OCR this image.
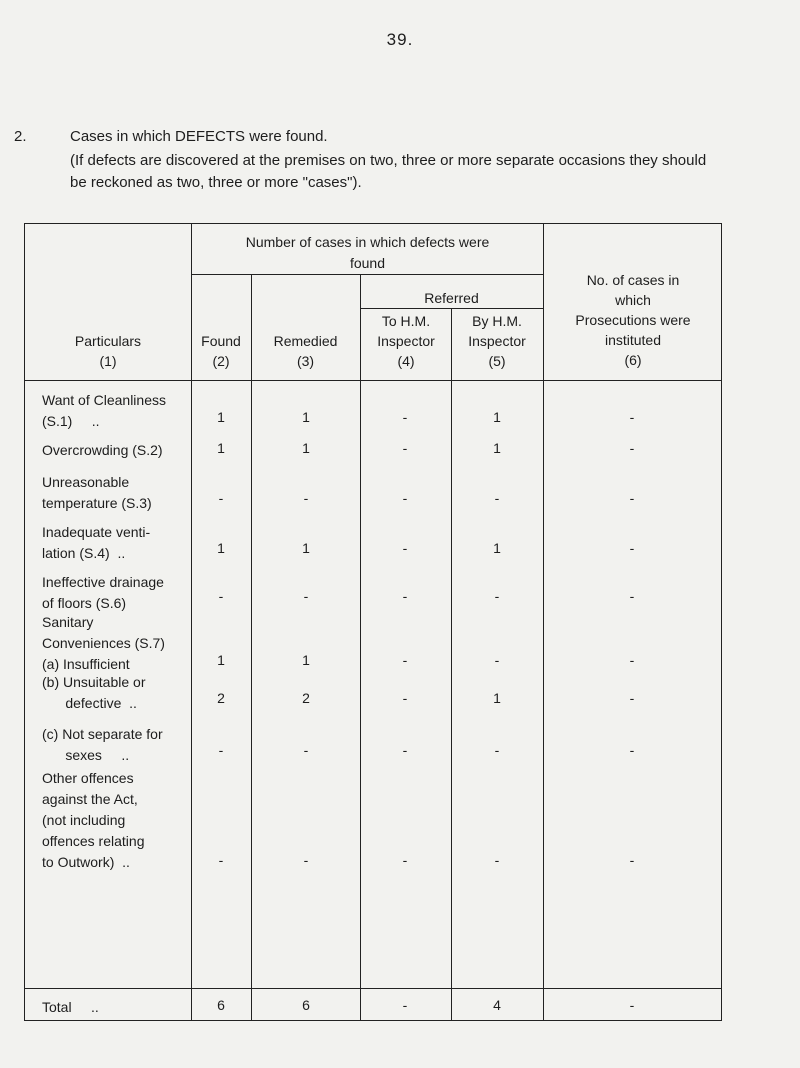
39.
2.	Cases in which DEFECTS were found.
(If defects are discovered at the premises on two, three or more separate occasions they should be reckoned as two, three or more "cases").
Number of cases in which defects were found
Referred
Particulars
(1)
Found
(2)
Remedied
(3)
To H.M. Inspector
(4)
By H.M. Inspector
(5)
No. of cases in which Prosecutions were instituted
(6)
Want of Cleanliness
(S.1)     ..	1	1	-	1	-
Overcrowding (S.2)	1	1	-	1	-
Unreasonable
temperature (S.3)	-	-	-	-	-
Inadequate venti-
lation (S.4)  ..	1	1	-	1	-
Ineffective drainage
of floors (S.6)	-	-	-	-	-
Sanitary
Conveniences (S.7)
(a) Insufficient	1	1	-	-	-
(b) Unsuitable or
defective  ..	2	2	-	1	-
(c) Not separate for
sexes     ..	-	-	-	-	-
Other offences
against the Act,
(not including
offences relating
to Outwork)  ..	-	-	-	-	-
Total     ..	6	6	-	4	-
